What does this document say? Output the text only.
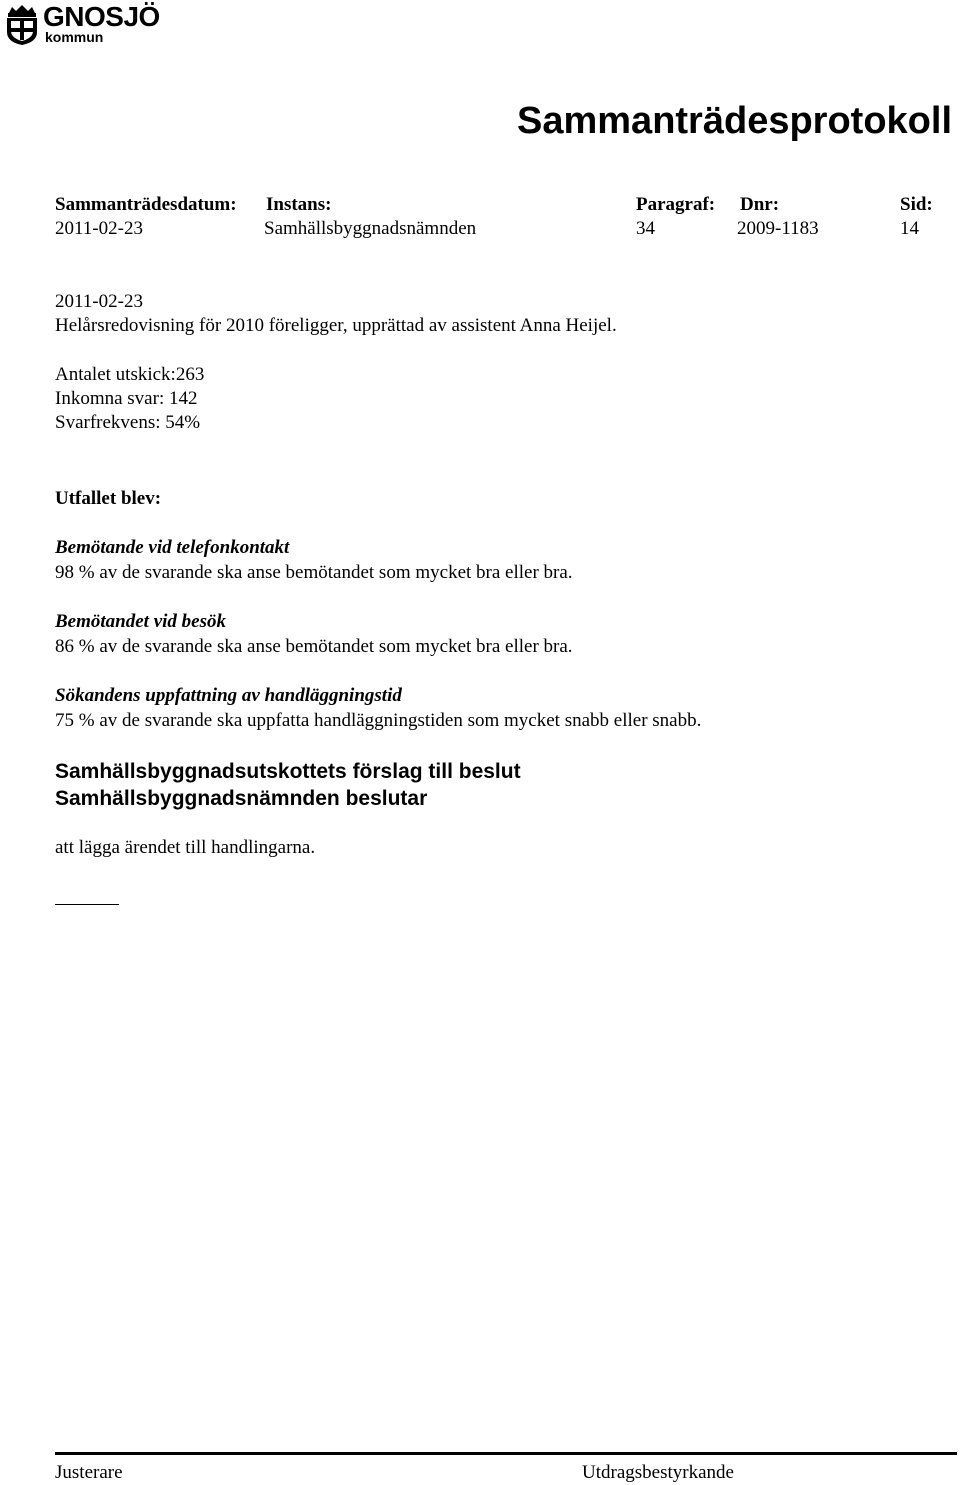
GNOSJÖ
kommun
Sammanträdesprotokoll
Sammanträdesdatum: Instans:	Paragraf: Dnr:	Sid:
2011-02-23	Samhällsbyggnadsnämnden	34	2009-1183	14
2011-02-23
Helårsredovisning för 2010 föreligger, upprättad av assistent Anna Heijel.
Antalet utskick:263
Inkomna svar: 142
Svarfrekvens: 54%
Utfallet blev:
Bemötande vid telefonkontakt
98 % av de svarande ska anse bemötandet som mycket bra eller bra.
Bemötandet vid besök
86 % av de svarande ska anse bemötandet som mycket bra eller bra.
Sökandens uppfattning av handläggningstid
75 % av de svarande ska uppfatta handläggningstiden som mycket snabb eller snabb.
Samhällsbyggnadsutskottets förslag till beslut
Samhällsbyggnadsnämnden beslutar
att lägga ärendet till handlingarna.
Justerare	Utdragsbestyrkande
